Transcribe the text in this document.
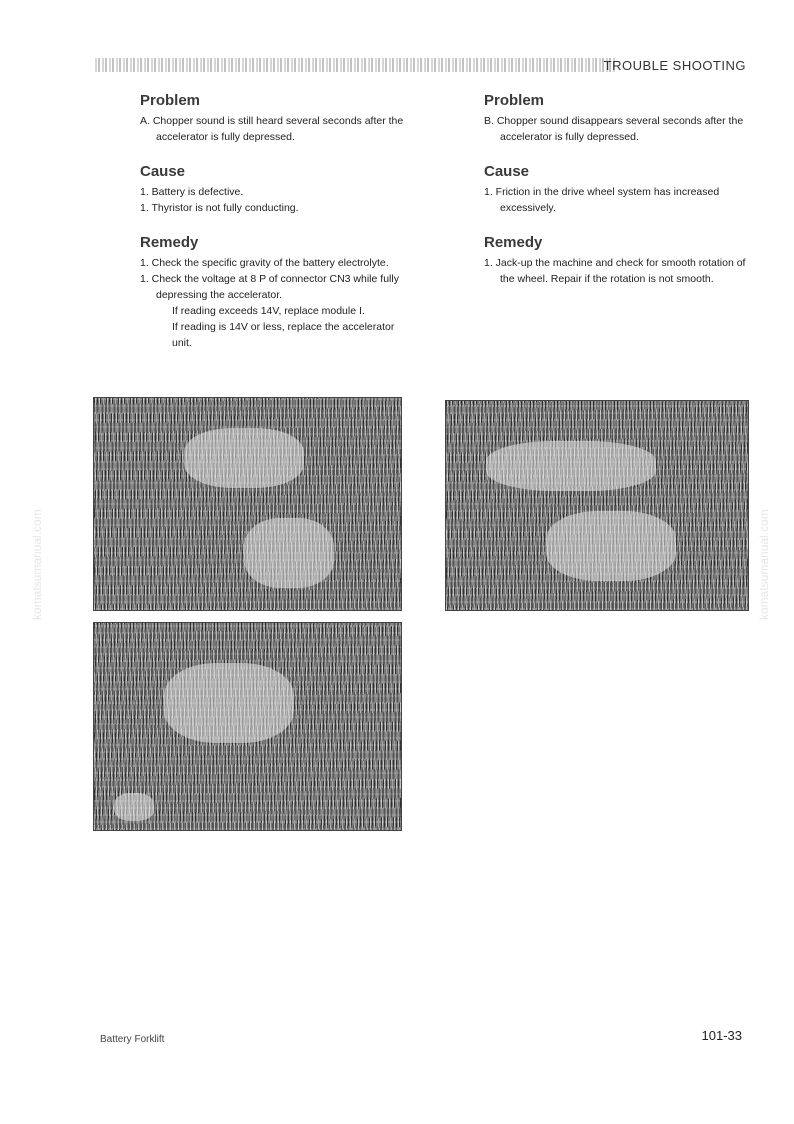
TROUBLE SHOOTING
Problem

A. Chopper sound is still heard several seconds after the accelerator is fully depressed.

Cause

1. Battery is defective.

1. Thyristor is not fully conducting.

Remedy

1. Check the specific gravity of the battery electrolyte.

1. Check the voltage at 8 P of connector CN3 while fully depressing the accelerator.

If reading exceeds 14V, replace module I.

If reading is 14V or less, replace the accelerator unit.

Problem

B. Chopper sound disappears several seconds after the accelerator is fully depressed.

Cause

1. Friction in the drive wheel system has increased excessively.

Remedy

1. Jack-up the machine and check for smooth rotation of the wheel. Repair if the rotation is not smooth.

komatsumanual.com	komatsumanual.com
Battery Forklift	101-33
